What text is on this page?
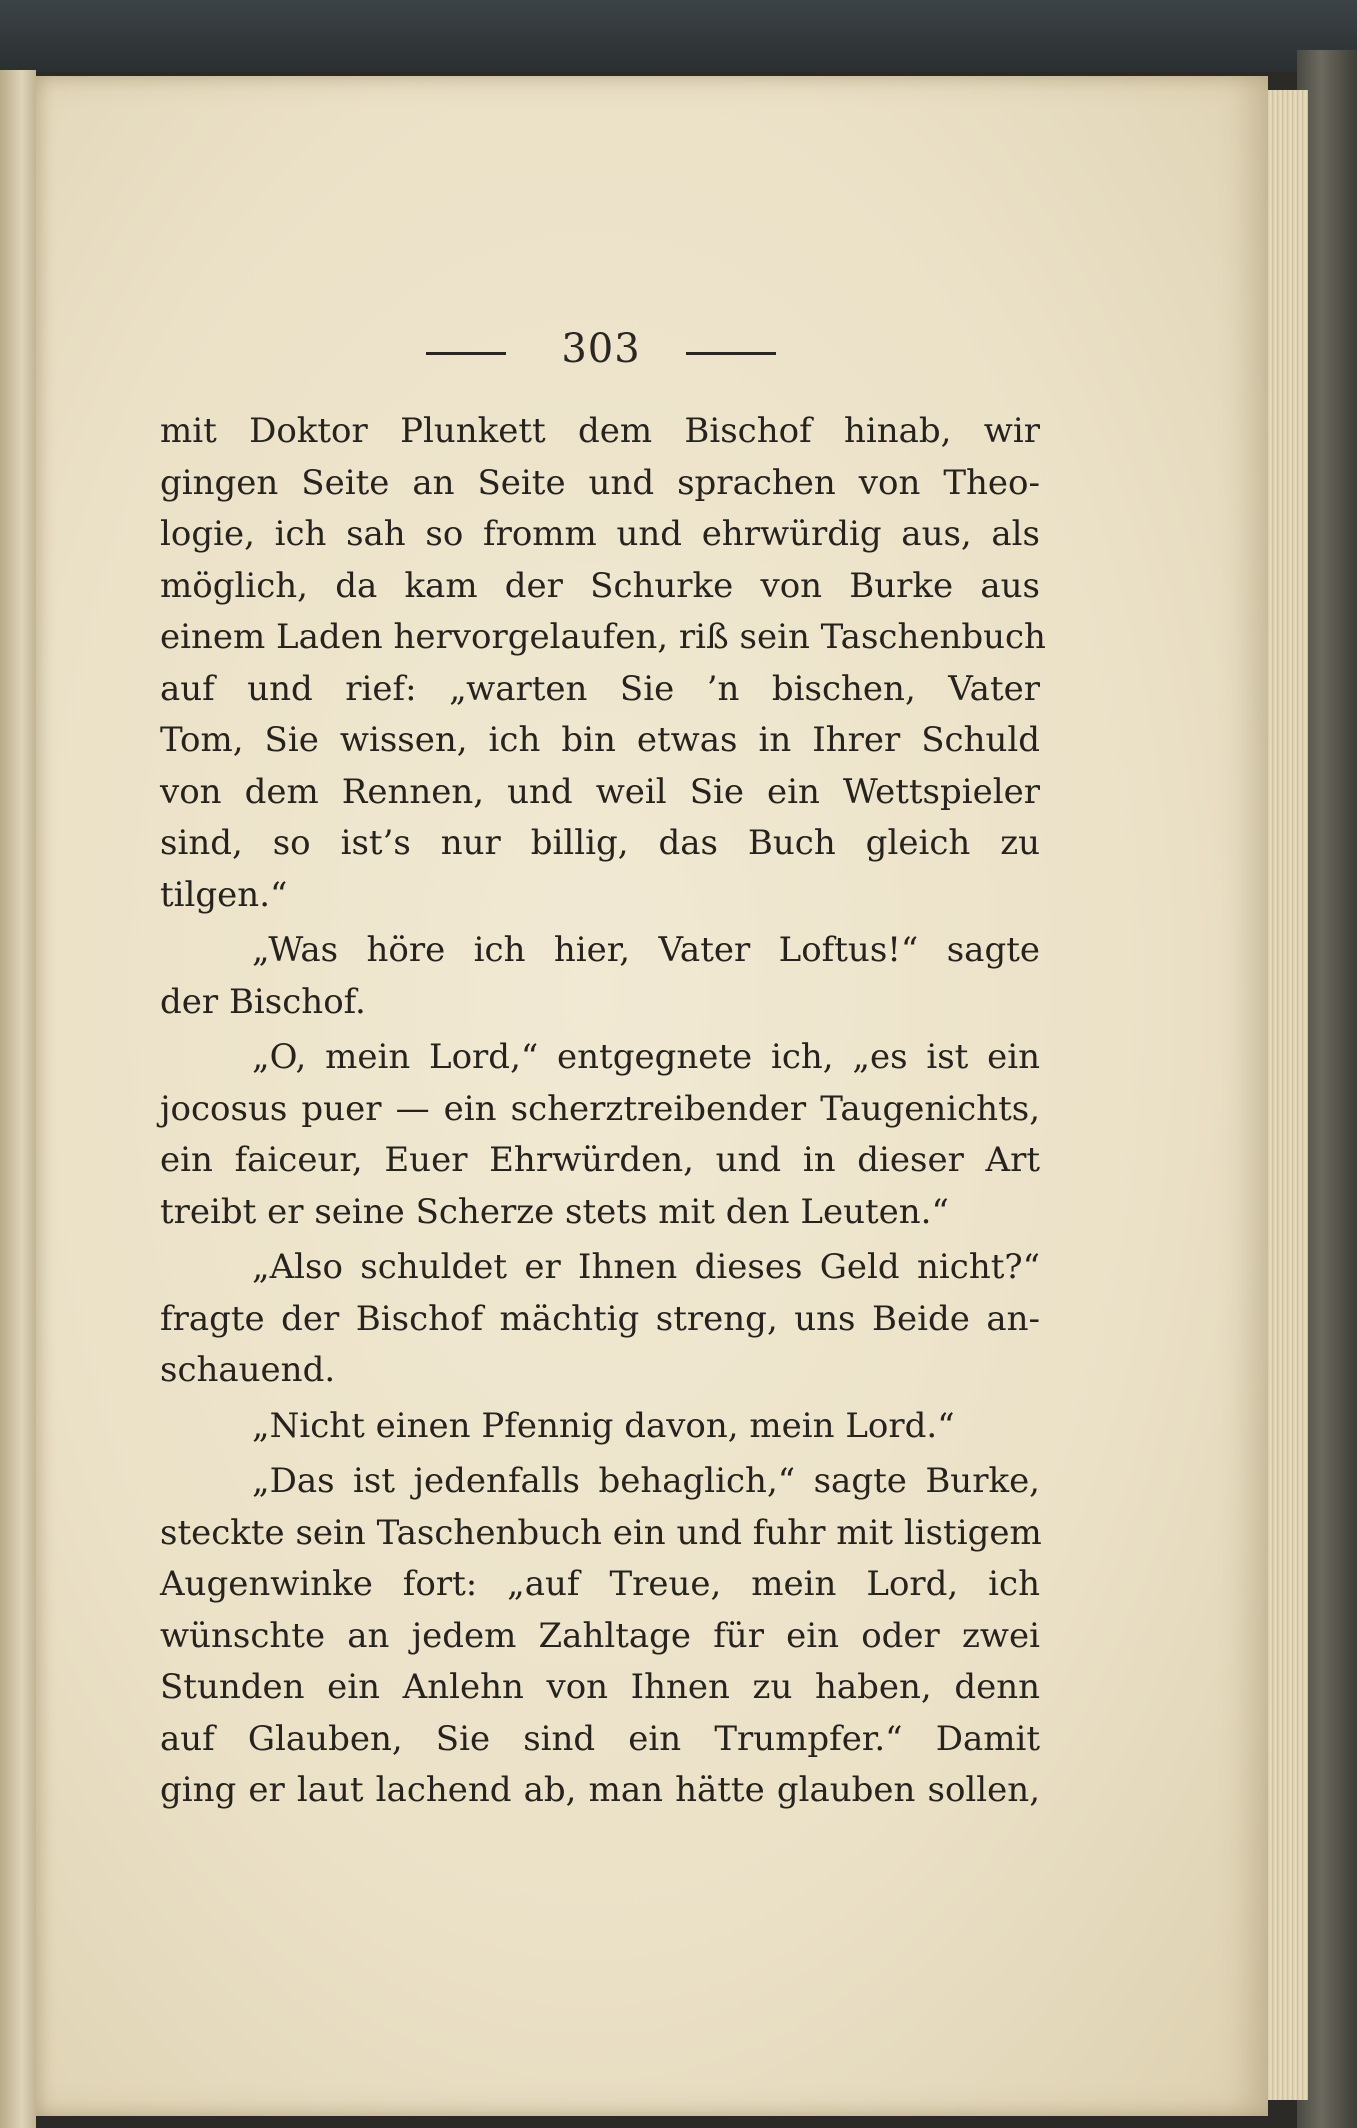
303
mit Doktor Plunkett dem Bischof hinab, wir
gingen Seite an Seite und sprachen von Theo-
logie, ich sah so fromm und ehrwürdig aus, als
möglich, da kam der Schurke von Burke aus
einem Laden hervorgelaufen, riß sein Taschenbuch
auf und rief: „warten Sie ’n bischen, Vater
Tom, Sie wissen, ich bin etwas in Ihrer Schuld
von dem Rennen, und weil Sie ein Wettspieler
sind, so ist’s nur billig, das Buch gleich zu
tilgen.“
„Was höre ich hier, Vater Loftus!“ sagte
der Bischof.
„O, mein Lord,“ entgegnete ich, „es ist ein
jocosus puer — ein scherztreibender Taugenichts,
ein faiceur, Euer Ehrwürden, und in dieser Art
treibt er seine Scherze stets mit den Leuten.“
„Also schuldet er Ihnen dieses Geld nicht?“
fragte der Bischof mächtig streng, uns Beide an-
schauend.
„Nicht einen Pfennig davon, mein Lord.“
„Das ist jedenfalls behaglich,“ sagte Burke,
steckte sein Taschenbuch ein und fuhr mit listigem
Augenwinke fort: „auf Treue, mein Lord, ich
wünschte an jedem Zahltage für ein oder zwei
Stunden ein Anlehn von Ihnen zu haben, denn
auf Glauben, Sie sind ein Trumpfer.“ Damit
ging er laut lachend ab, man hätte glauben sollen,
